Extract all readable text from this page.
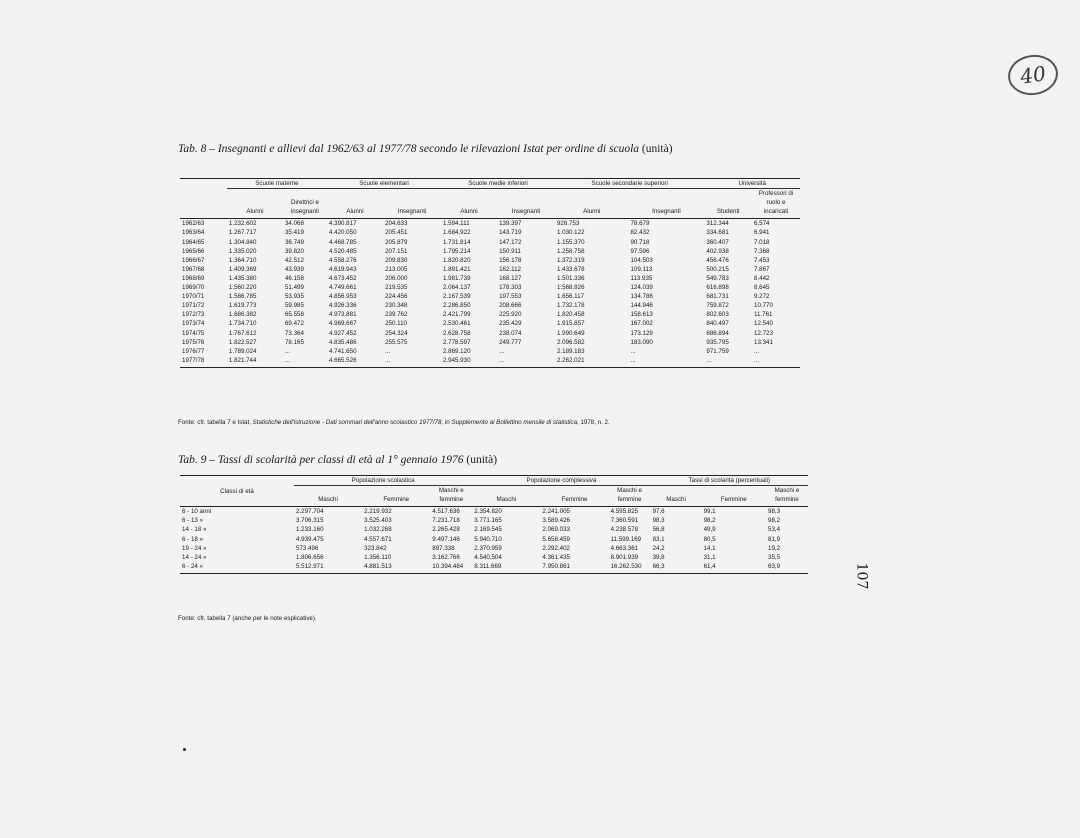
40
Tab. 8 – Insegnanti e allievi dal 1962/63 al 1977/78 secondo le rilevazioni Istat per ordine di scuola (unità)
	Scuole materne		Scuole elementari		Scuole medie inferiori		Scuole secondarie superiori		Università	
	Alunni	Direttrici e insegnanti	Alunni	Insegnanti	Alunni	Insegnanti	Alunni	Insegnanti	Studenti	Professori di ruolo e incaricati
1962/63	1.232.602	34.068	4.390.817	204.633	1.594.111	139.397	926.753	78.679	312.344	6.574
1963/64	1.267.717	35.419	4.420.050	205.451	1.684.922	143.719	1.030.122	82.432	334.681	6.941
1964/65	1.304.840	36.749	4.468.785	205.879	1.731.814	147.172	1.155.370	90.718	360.407	7.018
1965/66	1.335.020	39.820	4.520.485	207.151	1.795.214	150.911	1.258.758	97.596	402.938	7.368
1966/67	1.364.710	42.512	4.558.276	209.830	1.820.820	156.178	1.372.319	104.503	456.476	7.453
1967/68	1.409.369	43.939	4.619.943	213.005	1.891.421	162.112	1.433.678	109.113	500.215	7.867
1968/69	1.435.380	46.158	4.673.452	206.000	1.981.739	168.127	1.501.336	113.935	549.783	8.442
1969/70	1.560.220	51.499	4.749.661	219.535	2.064.137	178.303	1.568.926	124.039	616.898	8.645
1970/71	1.586.785	53.935	4.856.953	224.456	2.167.539	197.553	1.656.117	134.786	681.731	9.272
1971/72	1.619.773	59.985	4.926.336	230.348	2.286.850	208.666	1.732.178	144.946	759.872	10.770
1972/73	1.686.382	65.558	4.973.881	239.762	2.421.799	225.920	1.820.458	158.613	802.603	11.761
1973/74	1.734.710	69.472	4.969.667	250.110	2.530.461	235.429	1.915.857	167.002	840.497	12.540
1974/75	1.767.612	73.364	4.927.452	254.324	2.628.758	238.074	1.990.649	173.129	886.894	12.723
1975/76	1.822.527	78.165	4.835.486	255.575	2.778.597	249.777	2.096.582	183.090	935.795	13.341
1976/77	1.789.024	...	4.741.650	...	2.869.120	...	2.189.183	...	971.759	...
1977/78	1.821.744	...	4.665.526	...	2.945.930	...	2.262.021	...	...	...
Fonte: cfr. tabella 7 e Istat, Statistiche dell'istruzione - Dati sommari dell'anno scolastico 1977/78, in Supplemento al Bollettino mensile di statistica, 1978, n. 2.
Tab. 9 – Tassi di scolarità per classi di età al 1° gennaio 1976 (unità)
Classi di età	Popolazione scolastica			Popolazione complessiva			Tassi di scolarità (percentuali)		
	Maschi	Femmine	Maschi e femmine	Maschi	Femmine	Maschi e femmine	Maschi	Femmine	Maschi e femmine
6 - 10 anni	2.297.704	2.219.932	4.517.636	2.354.820	2.241.005	4.595.825	97,6	99,1	98,3
6 - 13 »	3.706.315	3.525.403	7.231.718	3.771.165	3.589.426	7.360.591	98,3	98,2	98,2
14 - 18 »	1.233.160	1.032.268	2.265.428	2.169.545	2.069.033	4.238.578	56,8	49,9	53,4
6 - 18 »	4.939.475	4.557.671	9.497.146	5.940.710	5.658.459	11.599.169	83,1	80,5	81,9
19 - 24 »	573.496	323.842	897.338	2.370.959	2.292.402	4.663.361	24,2	14,1	19,2
14 - 24 »	1.806.656	1.356.110	3.162.766	4.540.504	4.361.435	8.901.939	39,8	31,1	35,5
6 - 24 »	5.512.971	4.881.513	10.394.484	8.311.669	7.950.861	16.262.530	66,3	61,4	63,9
Fonte: cfr. tabella 7 (anche per le note esplicative).
107
